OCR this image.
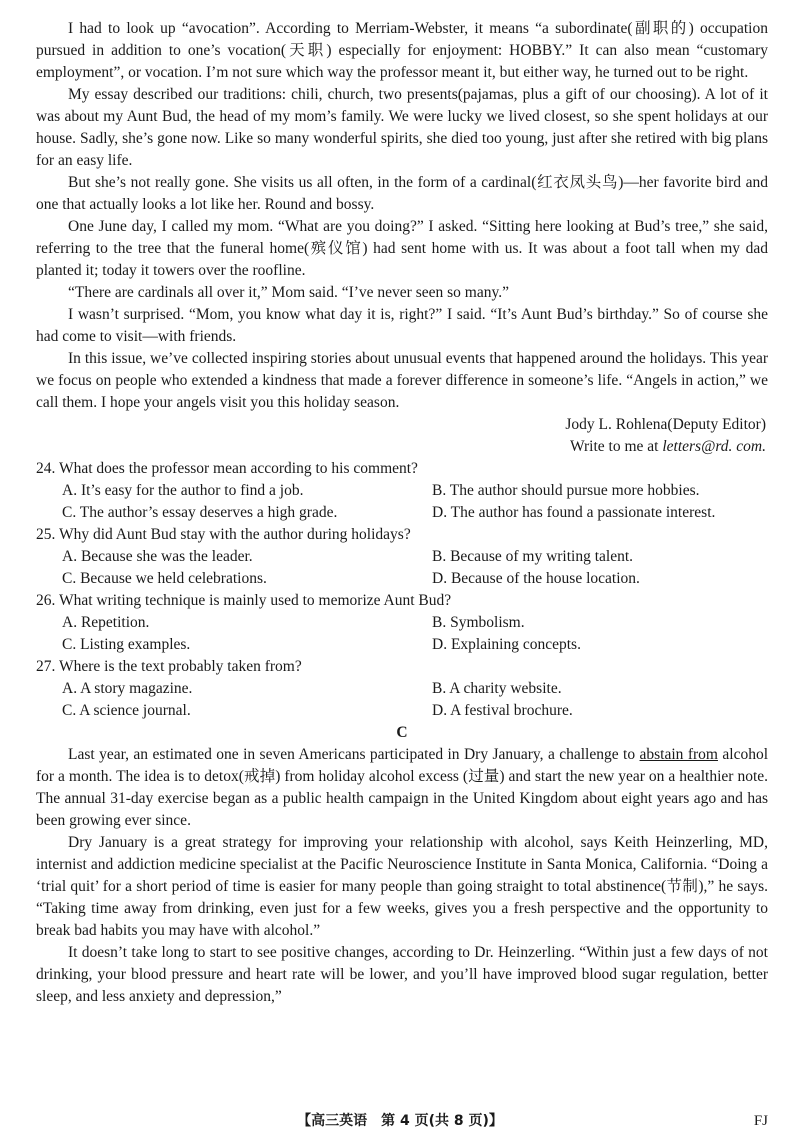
I had to look up “avocation”. According to Merriam-Webster, it means “a subordinate(副职的) occupation pursued in addition to one’s vocation(天职) especially for enjoyment: HOBBY.” It can also mean “customary employment”, or vocation. I’m not sure which way the professor meant it, but either way, he turned out to be right.

My essay described our traditions: chili, church, two presents(pajamas, plus a gift of our choosing). A lot of it was about my Aunt Bud, the head of my mom’s family. We were lucky we lived closest, so she spent holidays at our house. Sadly, she’s gone now. Like so many wonderful spirits, she died too young, just after she retired with big plans for an easy life.

But she’s not really gone. She visits us all often, in the form of a cardinal(红衣凤头鸟)—her favorite bird and one that actually looks a lot like her. Round and bossy.

One June day, I called my mom. “What are you doing?” I asked. “Sitting here looking at Bud’s tree,” she said, referring to the tree that the funeral home(殡仪馆) had sent home with us. It was about a foot tall when my dad planted it; today it towers over the roofline.

“There are cardinals all over it,” Mom said. “I’ve never seen so many.”

I wasn’t surprised. “Mom, you know what day it is, right?” I said. “It’s Aunt Bud’s birthday.” So of course she had come to visit—with friends.

In this issue, we’ve collected inspiring stories about unusual events that happened around the holidays. This year we focus on people who extended a kindness that made a forever difference in someone’s life. “Angels in action,” we call them. I hope your angels visit you this holiday season.

Jody L. Rohlena(Deputy Editor)
Write to me at letters@rd. com.
24. What does the professor mean according to his comment?
A. It’s easy for the author to find a job.	B. The author should pursue more hobbies.
C. The author’s essay deserves a high grade.	D. The author has found a passionate interest.
25. Why did Aunt Bud stay with the author during holidays?
A. Because she was the leader.	B. Because of my writing talent.
C. Because we held celebrations.	D. Because of the house location.
26. What writing technique is mainly used to memorize Aunt Bud?
A. Repetition.	B. Symbolism.
C. Listing examples.	D. Explaining concepts.
27. Where is the text probably taken from?
A. A story magazine.	B. A charity website.
C. A science journal.	D. A festival brochure.
C

Last year, an estimated one in seven Americans participated in Dry January, a challenge to abstain from alcohol for a month. The idea is to detox(戒掉) from holiday alcohol excess (过量) and start the new year on a healthier note. The annual 31-day exercise began as a public health campaign in the United Kingdom about eight years ago and has been growing ever since.

Dry January is a great strategy for improving your relationship with alcohol, says Keith Heinzerling, MD, internist and addiction medicine specialist at the Pacific Neuroscience Institute in Santa Monica, California. “Doing a ‘trial quit’ for a short period of time is easier for many people than going straight to total abstinence(节制),” he says. “Taking time away from drinking, even just for a few weeks, gives you a fresh perspective and the opportunity to break bad habits you may have with alcohol.”

It doesn’t take long to start to see positive changes, according to Dr. Heinzerling. “Within just a few days of not drinking, your blood pressure and heart rate will be lower, and you’ll have improved blood sugar regulation, better sleep, and less anxiety and depression,”

【高三英语　第 4 页(共 8 页)】	FJ
